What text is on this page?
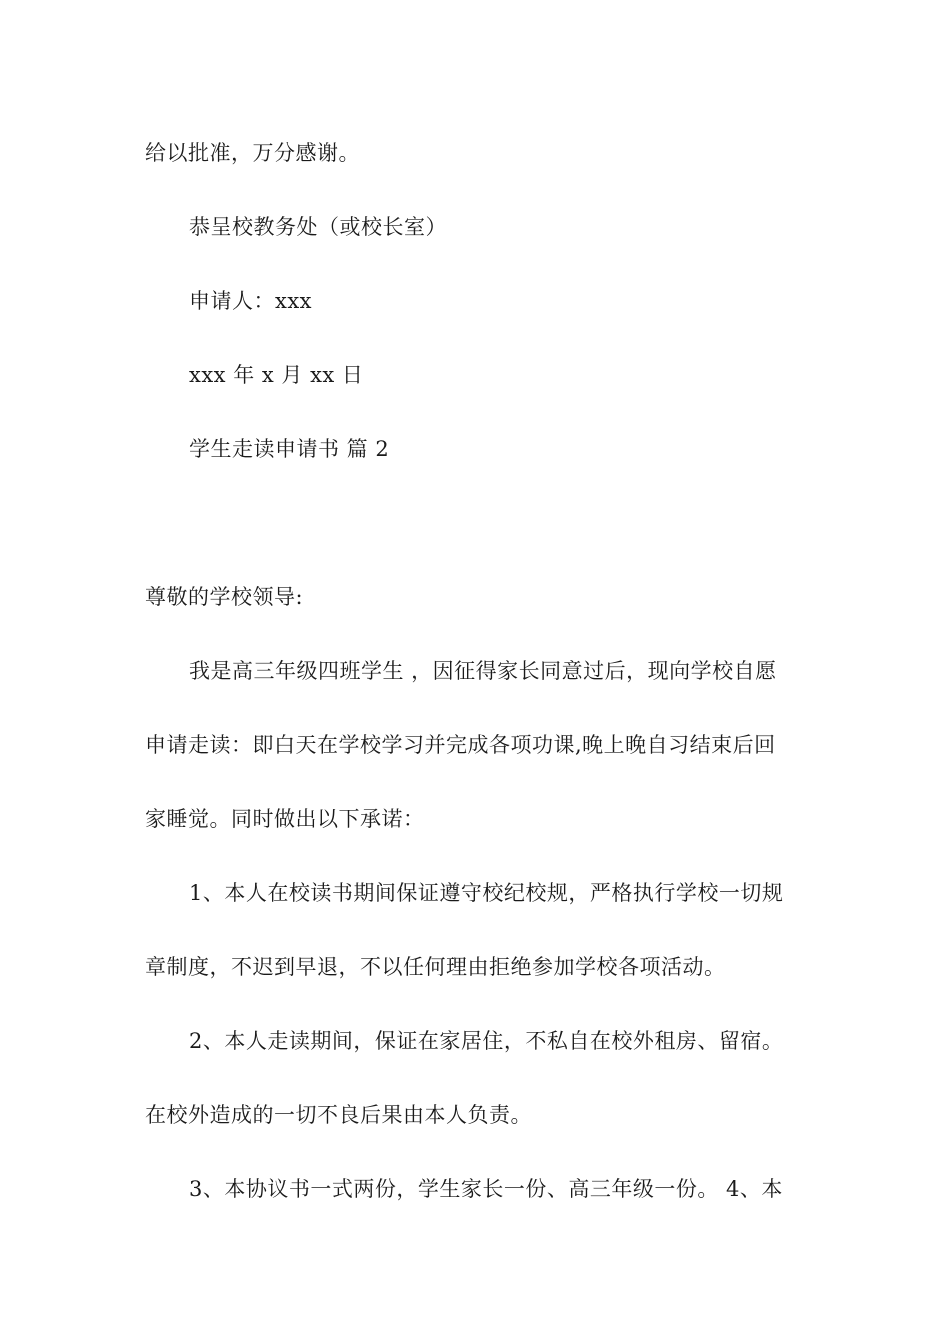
给以批准，万分感谢。
恭呈校教务处（或校长室）
申请人：xxx
xxx 年 x 月 xx 日
学生走读申请书 篇 2
尊敬的学校领导:
我是高三年级四班学生 ，因征得家长同意过后，现向学校自愿
申请走读：即白天在学校学习并完成各项功课,晚上晚自习结束后回
家睡觉。同时做出以下承诺：
1、本人在校读书期间保证遵守校纪校规，严格执行学校一切规
章制度，不迟到早退，不以任何理由拒绝参加学校各项活动。
2、本人走读期间，保证在家居住，不私自在校外租房、留宿。
在校外造成的一切不良后果由本人负责。
3、本协议书一式两份，学生家长一份、高三年级一份。 4、本
